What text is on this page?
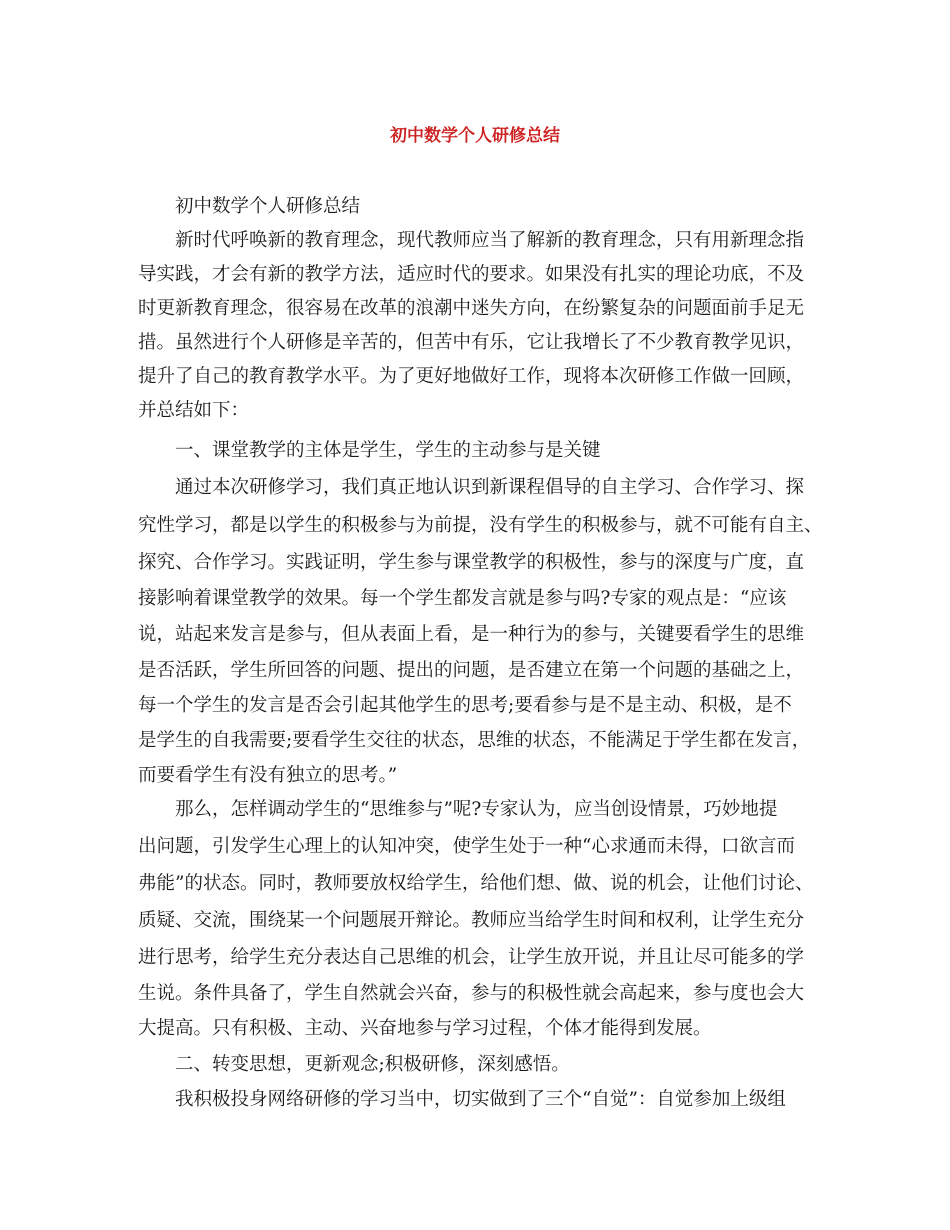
初中数学个人研修总结

初中数学个人研修总结

新时代呼唤新的教育理念，现代教师应当了解新的教育理念，只有用新理念指

导实践，才会有新的教学方法，适应时代的要求。如果没有扎实的理论功底，不及

时更新教育理念，很容易在改革的浪潮中迷失方向，在纷繁复杂的问题面前手足无

措。虽然进行个人研修是辛苦的，但苦中有乐，它让我增长了不少教育教学见识，

提升了自己的教育教学水平。为了更好地做好工作，现将本次研修工作做一回顾，

并总结如下：

一、课堂教学的主体是学生，学生的主动参与是关键

通过本次研修学习，我们真正地认识到新课程倡导的自主学习、合作学习、探

究性学习，都是以学生的积极参与为前提，没有学生的积极参与，就不可能有自主、

探究、合作学习。实践证明，学生参与课堂教学的积极性，参与的深度与广度，直

接影响着课堂教学的效果。每一个学生都发言就是参与吗?专家的观点是：“应该

说，站起来发言是参与，但从表面上看，是一种行为的参与，关键要看学生的思维

是否活跃，学生所回答的问题、提出的问题，是否建立在第一个问题的基础之上，

每一个学生的发言是否会引起其他学生的思考;要看参与是不是主动、积极，是不

是学生的自我需要;要看学生交往的状态，思维的状态，不能满足于学生都在发言，

而要看学生有没有独立的思考。”

那么，怎样调动学生的“思维参与”呢?专家认为，应当创设情景，巧妙地提

出问题，引发学生心理上的认知冲突，使学生处于一种“心求通而未得，口欲言而

弗能”的状态。同时，教师要放权给学生，给他们想、做、说的机会，让他们讨论、

质疑、交流，围绕某一个问题展开辩论。教师应当给学生时间和权利，让学生充分

进行思考，给学生充分表达自己思维的机会，让学生放开说，并且让尽可能多的学

生说。条件具备了，学生自然就会兴奋，参与的积极性就会高起来，参与度也会大

大提高。只有积极、主动、兴奋地参与学习过程，个体才能得到发展。

二、转变思想，更新观念;积极研修，深刻感悟。

我积极投身网络研修的学习当中，切实做到了三个“自觉”：自觉参加上级组
